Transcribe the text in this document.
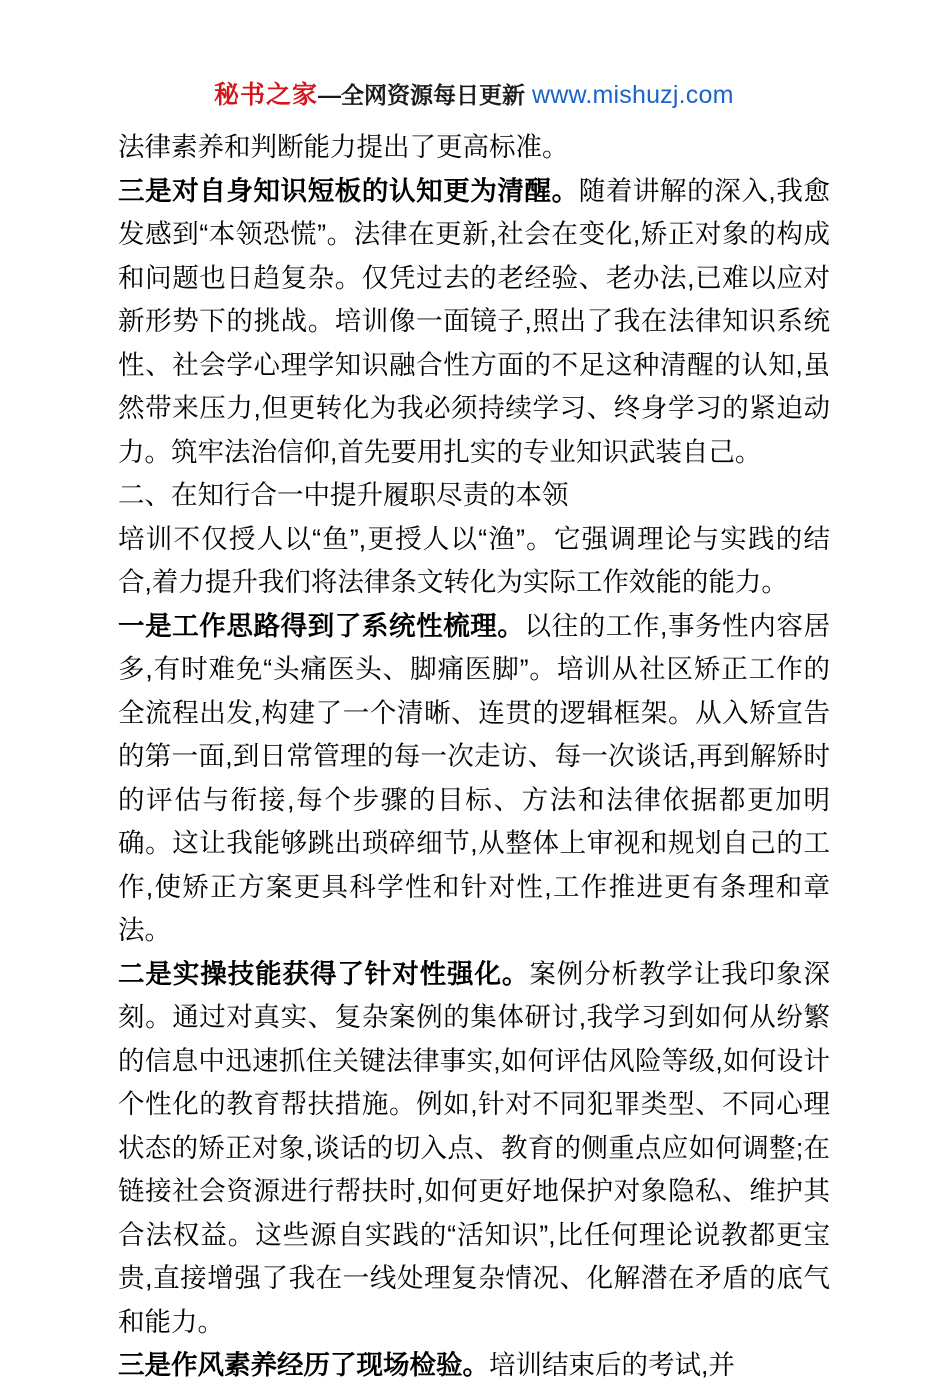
秘书之家—全网资源每日更新 www.mishuzj.com

法律素养和判断能力提出了更高标准。

三是对自身知识短板的认知更为清醒。随着讲解的深入,我愈发感到“本领恐慌”。法律在更新,社会在变化,矫正对象的构成和问题也日趋复杂。仅凭过去的老经验、老办法,已难以应对新形势下的挑战。培训像一面镜子,照出了我在法律知识系统性、社会学心理学知识融合性方面的不足这种清醒的认知,虽然带来压力,但更转化为我必须持续学习、终身学习的紧迫动力。筑牢法治信仰,首先要用扎实的专业知识武装自己。

二、在知行合一中提升履职尽责的本领

培训不仅授人以“鱼”,更授人以“渔”。它强调理论与实践的结合,着力提升我们将法律条文转化为实际工作效能的能力。

一是工作思路得到了系统性梳理。以往的工作,事务性内容居多,有时难免“头痛医头、脚痛医脚”。培训从社区矫正工作的全流程出发,构建了一个清晰、连贯的逻辑框架。从入矫宣告的第一面,到日常管理的每一次走访、每一次谈话,再到解矫时的评估与衔接,每个步骤的目标、方法和法律依据都更加明确。这让我能够跳出琐碎细节,从整体上审视和规划自己的工作,使矫正方案更具科学性和针对性,工作推进更有条理和章法。

二是实操技能获得了针对性强化。案例分析教学让我印象深刻。通过对真实、复杂案例的集体研讨,我学习到如何从纷繁的信息中迅速抓住关键法律事实,如何评估风险等级,如何设计个性化的教育帮扶措施。例如,针对不同犯罪类型、不同心理状态的矫正对象,谈话的切入点、教育的侧重点应如何调整;在链接社会资源进行帮扶时,如何更好地保护对象隐私、维护其合法权益。这些源自实践的“活知识”,比任何理论说教都更宝贵,直接增强了我在一线处理复杂情况、化解潜在矛盾的底气和能力。

三是作风素养经历了现场检验。培训结束后的考试,并
